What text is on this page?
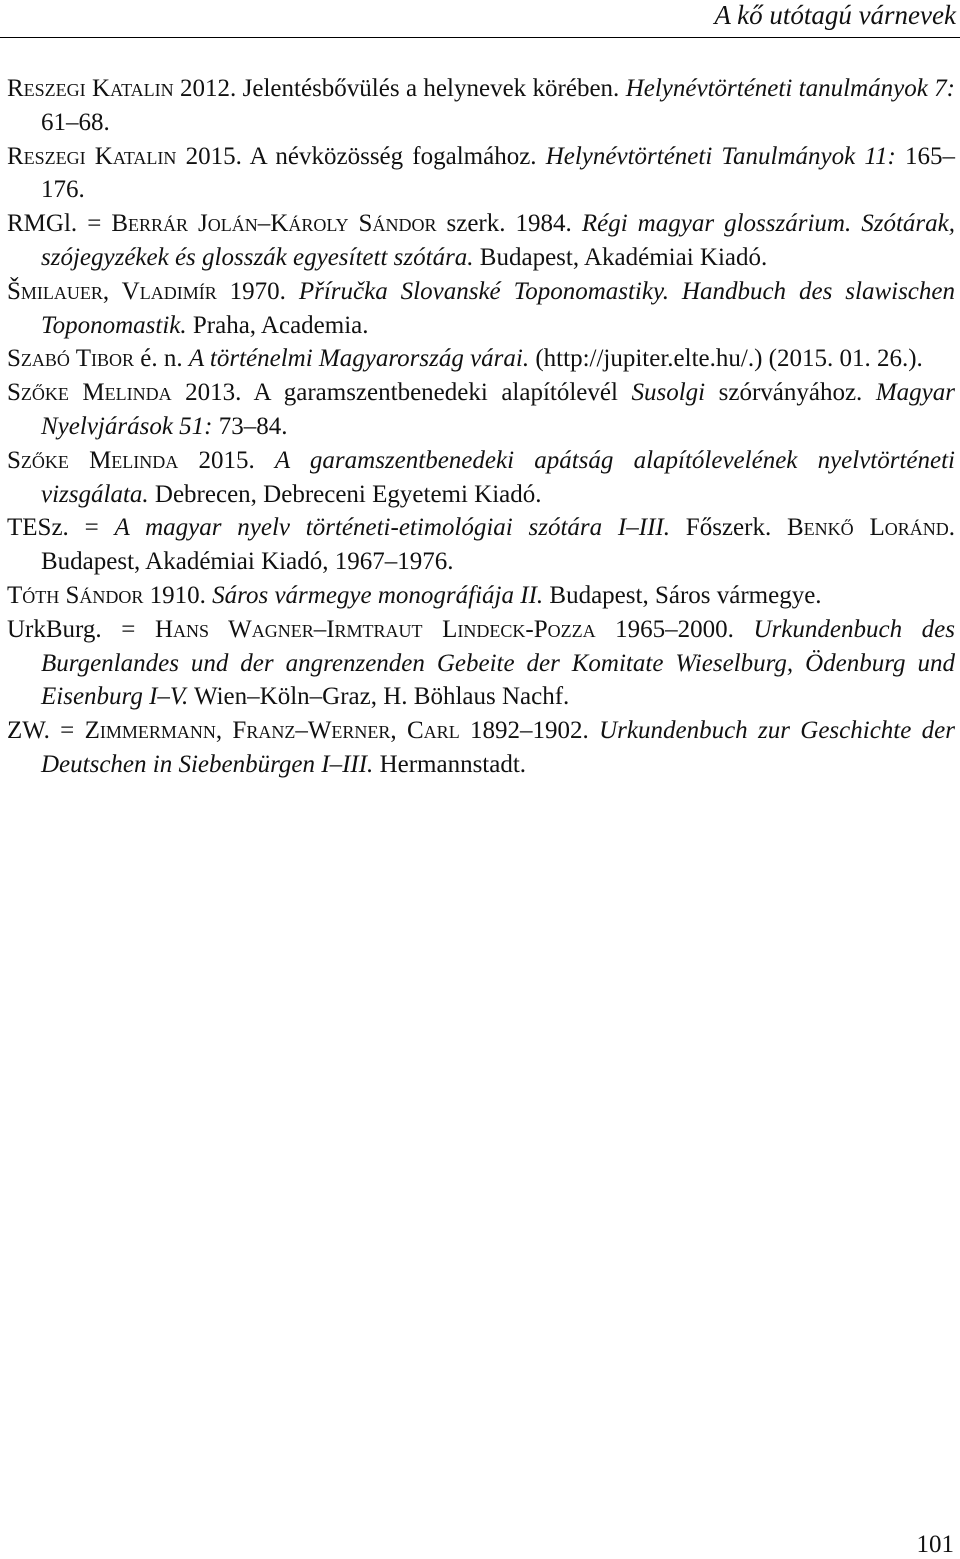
A kő utótagú várnevek
Reszegi Katalin 2012. Jelentésbővülés a helynevek körében. Helynévtörténeti tanulmányok 7: 61–68.
Reszegi Katalin 2015. A névközösség fogalmához. Helynévtörténeti Tanulmányok 11: 165–176.
RMGl. = Berrár Jolán–Károly Sándor szerk. 1984. Régi magyar glosszárium. Szótárak, szójegyzékek és glosszák egyesített szótára. Budapest, Akadémiai Kiadó.
Šmilauer, Vladimír 1970. Příručka Slovanské Toponomastiky. Handbuch des slawischen Toponomastik. Praha, Academia.
Szabó Tibor é. n. A történelmi Magyarország várai. (http://jupiter.elte.hu/.) (2015. 01. 26.).
Szőke Melinda 2013. A garamszentbenedeki alapítólevél Susolgi szórványához. Magyar Nyelvjárások 51: 73–84.
Szőke Melinda 2015. A garamszentbenedeki apátság alapítólevelének nyelvtörténeti vizsgálata. Debrecen, Debreceni Egyetemi Kiadó.
TESz. = A magyar nyelv történeti-etimológiai szótára I–III. Főszerk. Benkő Loránd. Budapest, Akadémiai Kiadó, 1967–1976.
Tóth Sándor 1910. Sáros vármegye monográfiája II. Budapest, Sáros vármegye.
UrkBurg. = Hans Wagner–Irmtraut Lindeck-Pozza 1965–2000. Urkundenbuch des Burgenlandes und der angrenzenden Gebeite der Komitate Wieselburg, Ödenburg und Eisenburg I–V. Wien–Köln–Graz, H. Böhlaus Nachf.
ZW. = Zimmermann, Franz–Werner, Carl 1892–1902. Urkundenbuch zur Geschichte der Deutschen in Siebenbürgen I–III. Hermannstadt.
101
